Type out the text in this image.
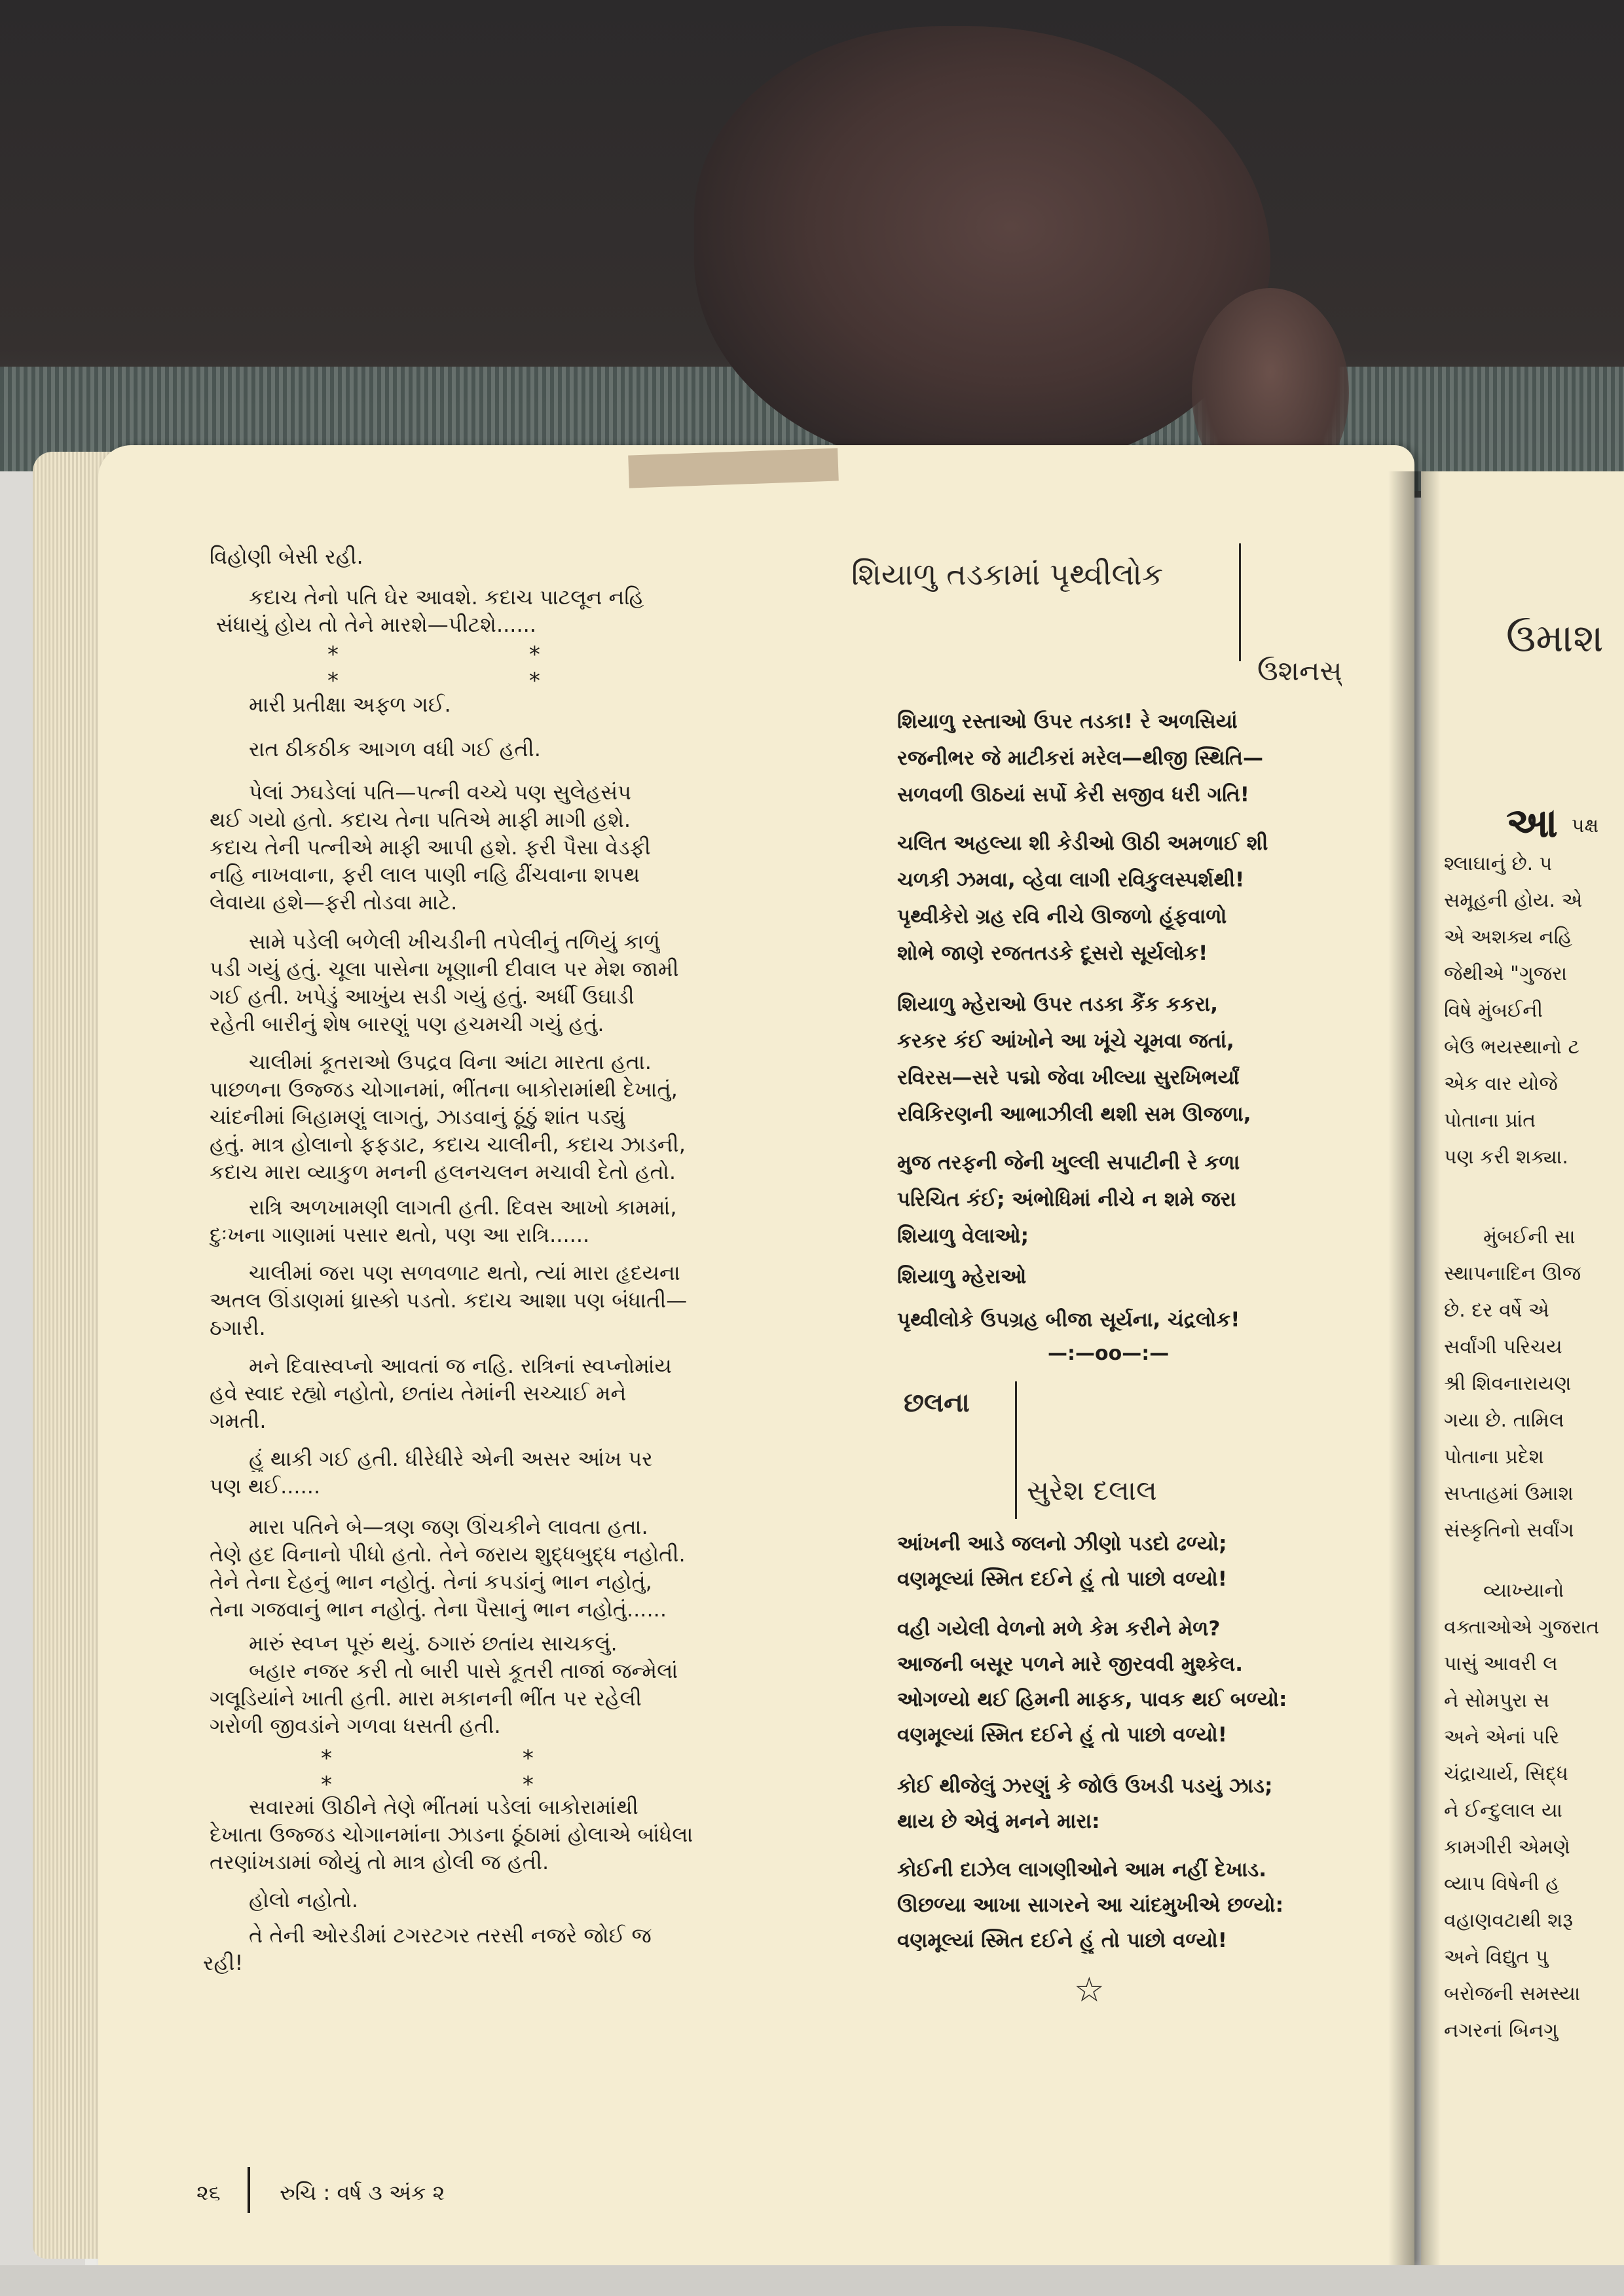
વિહોણી બેસી રહી.
કદાચ તેનો પતિ ઘેર આવશે. કદાચ પાટલૂન નહિ
સંધાયું હોય તો તેને મારશે—પીટશે......
*	* *	*
મારી પ્રતીક્ષા અફળ ગઈ.
રાત ઠીકઠીક આગળ વધી ગઈ હતી.
પેલાં ઝઘડેલાં પતિ—પત્ની વચ્ચે પણ સુલેહસંપ
થઈ ગયો હતો. કદાચ તેના પતિએ માફી માગી હશે.
કદાચ તેની પત્નીએ માફી આપી હશે. ફરી પૈસા વેડફી
નહિ નાખવાના, ફરી લાલ પાણી નહિ ઢીંચવાના શપથ
લેવાયા હશે—ફરી તોડવા માટે.
સામે પડેલી બળેલી ખીચડીની તપેલીનું તળિયું કાળું
પડી ગયું હતું. ચૂલા પાસેના ખૂણાની દીવાલ પર મેશ જામી
ગઈ હતી. ખપેડું આખુંય સડી ગયું હતું. અર્ધી ઉઘાડી
રહેતી બારીનું શેષ બારણું પણ હચમચી ગયું હતું.
ચાલીમાં કૂતરાઓ ઉપદ્રવ વિના આંટા મારતા હતા.
પાછળના ઉજ્જડ ચોગાનમાં, ભીંતના બાકોરામાંથી દેખાતું,
ચાંદનીમાં બિહામણું લાગતું, ઝાડવાનું ઠૂંઠું શાંત પડ્યું
હતું. માત્ર હોલાનો ફફડાટ, કદાચ ચાલીની, કદાચ ઝાડની,
કદાચ મારા વ્યાકુળ મનની હલનચલન મચાવી દેતો હતો.
રાત્રિ અળખામણી લાગતી હતી. દિવસ આખો કામમાં,
દુઃખના ગાણામાં પસાર થતો, પણ આ રાત્રિ......
ચાલીમાં જરા પણ સળવળાટ થતો, ત્યાં મારા હૃદયના
અતલ ઊંડાણમાં ધ્રાસ્કો પડતો. કદાચ આશા પણ બંધાતી—
ઠગારી.
મને દિવાસ્વપ્નો આવતાં જ નહિ. રાત્રિનાં સ્વપ્નોમાંય
હવે સ્વાદ રહ્યો નહોતો, છતાંય તેમાંની સચ્ચાઈ મને
ગમતી.
હું થાકી ગઈ હતી. ધીરેધીરે એની અસર આંખ પર
પણ થઈ......
મારા પતિને બે—ત્રણ જણ ઊંચકીને લાવતા હતા.
તેણે હદ વિનાનો પીધો હતો. તેને જરાય શુદ્ધબુદ્ધ નહોતી.
તેને તેના દેહનું ભાન નહોતું. તેનાં કપડાંનું ભાન નહોતું,
તેના ગજવાનું ભાન નહોતું. તેના પૈસાનું ભાન નહોતું......
મારું સ્વપ્ન પૂરું થયું. ઠગારું છતાંય સાચકલું.
બહાર નજર કરી તો બારી પાસે કૂતરી તાજાં જન્મેલાં
ગલૂડિયાંને ખાતી હતી. મારા મકાનની ભીંત પર રહેલી
ગરોળી જીવડાંને ગળવા ધસતી હતી.
*	* *	*
સવારમાં ઊઠીને તેણે ભીંતમાં પડેલાં બાકોરામાંથી
દેખાતા ઉજ્જડ ચોગાનમાંના ઝાડના ઠૂંઠામાં હોલાએ બાંધેલા
તરણાંખડામાં જોયું તો માત્ર હોલી જ હતી.
હોલો નહોતો.
તે તેની ઓરડીમાં ટગરટગર તરસી નજરે જોઈ જ
રહી!
શિયાળુ તડકામાં પૃથ્વીલોક
ઉશનસ્
શિયાળુ રસ્તાઓ ઉપર તડકા! રે અળસિયાં
રજનીભર જે માટીકરાં મરેલ—થીજી સ્થિતિ—
સળવળી ઊઠયાં સર્પો કેરી સજીવ ધરી ગતિ!
ચલિત અહલ્યા શી કેડીઓ ઊઠી અમળાઈ શી
ચળકી ઝમવા, વ્હેવા લાગી રવિકુલસ્પર્શથી!
પૃથ્વીકેરો ગ્રહ રવિ નીચે ઊજળો હૂંફવાળો
શોભે જાણે રજતતડકે દૂસરો સૂર્યલોક!
શિયાળુ મ્હેરાઓ ઉપર તડકા કૈંક કકરા,
કરકર કંઈ આંખોને આ ખૂંચે ચૂમવા જતાં,
રવિરસ—સરે પદ્મો જેવા ખીલ્યા સુરખિભર્યાં
રવિકિરણની આભાઝીલી થશી સમ ઊજળા,
મુજ તરફની જેની ખુલ્લી સપાટીની રે કળા
પરિચિત કંઈ; અંભોધિમાં નીચે ન શમે જરા
શિયાળુ વેલાઓ;
શિયાળુ મ્હેરાઓ
પૃથ્વીલોકે ઉપગ્રહ બીજા સૂર્યના, ચંદ્રલોક!
—:—oo—:—
છલના
સુરેશ દલાલ
આંખની આડે જલનો ઝીણો પડદો ઢળ્યો;
વણમૂલ્યાં સ્મિત દઈને હું તો પાછો વળ્યો!
વહી ગયેલી વેળનો મળે કેમ કરીને મેળ?
આજની બસૂર પળને મારે જીરવવી મુશ્કેલ.
ઓગળ્યો થઈ હિમની માફક, પાવક થઈ બળ્યો:
વણમૂલ્યાં સ્મિત દઈને હું તો પાછો વળ્યો!
કોઈ થીજેલું ઝરણું કે જોઉં ઉખડી પડયું ઝાડ;
થાય છે એવું મનને મારા:
કોઈની દાઝેલ લાગણીઓને આમ નહીં દેખાડ.
ઊછળ્યા આખા સાગરને આ ચાંદમુખીએ છળ્યો:
વણમૂલ્યાં સ્મિત દઈને હું તો પાછો વળ્યો!
☆
૨૬	રુચિ : વર્ષ ૩ અંક ૨
ઉમાશ
આ પક્ષ
શ્લાઘાનું છે. પ
સમૂહની હોય. એ
એ અશક્ય નહિ
જેથીએ "ગુજરા
વિષે મુંબઈની
બેઉ ભયસ્થાનો ટ
એક વાર યોજે
પોતાના પ્રાંત
પણ કરી શક્યા.
મુંબઈની સા
સ્થાપનાદિન ઊજ
છે. દર વર્ષે એ
સર્વાંગી પરિચય
શ્રી શિવનારાયણ
ગયા છે. તામિલ
પોતાના પ્રદેશ
સપ્તાહમાં ઉમાશ
સંસ્કૃતિનો સર્વાંગ
વ્યાખ્યાનો
વક્તાઓએ ગુજરાત
પાસું આવરી લ
ને સોમપુરા સ
અને એનાં પરિ
ચંદ્રાચાર્ય, સિદ્ધ
ને ઈન્દુલાલ યા
કામગીરી એમણે
વ્યાપ વિષેની હ
વહાણવટાથી શરૂ
અને વિદ્યુત પુ
બરોજની સમસ્યા
નગરનાં બિનગુ
